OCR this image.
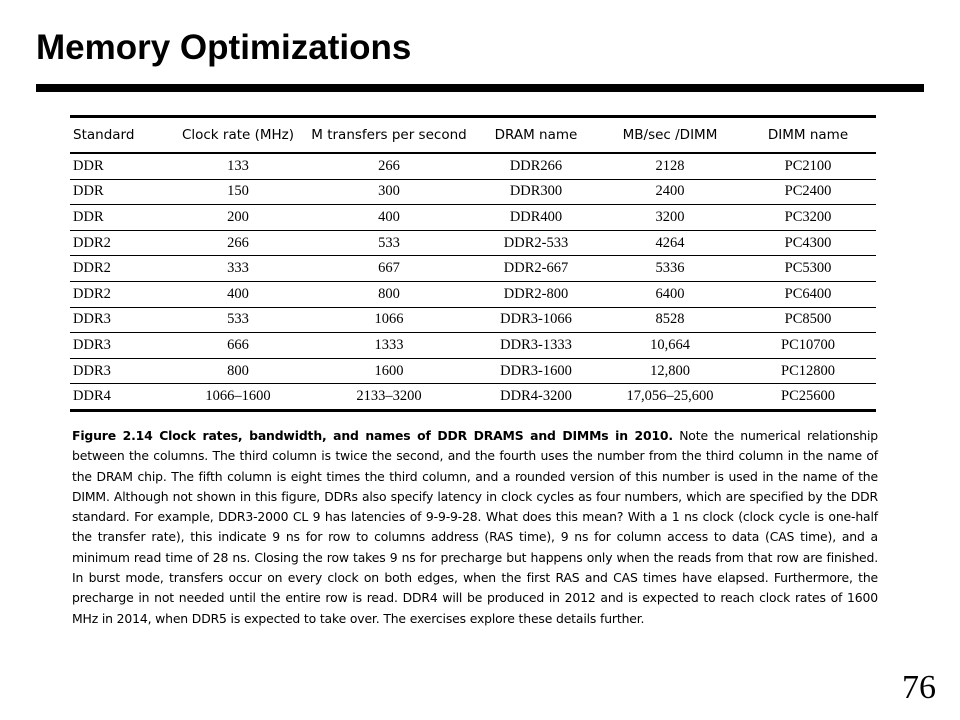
Memory Optimizations
Standard	Clock rate (MHz)	M transfers per second	DRAM name	MB/sec /DIMM	DIMM name
DDR	133	266	DDR266	2128	PC2100
DDR	150	300	DDR300	2400	PC2400
DDR	200	400	DDR400	3200	PC3200
DDR2	266	533	DDR2-533	4264	PC4300
DDR2	333	667	DDR2-667	5336	PC5300
DDR2	400	800	DDR2-800	6400	PC6400
DDR3	533	1066	DDR3-1066	8528	PC8500
DDR3	666	1333	DDR3-1333	10,664	PC10700
DDR3	800	1600	DDR3-1600	12,800	PC12800
DDR4	1066–1600	2133–3200	DDR4-3200	17,056–25,600	PC25600

Figure 2.14 Clock rates, bandwidth, and names of DDR DRAMS and DIMMs in 2010. Note the numerical relationship between the columns. The third column is twice the second, and the fourth uses the number from the third column in the name of the DRAM chip. The fifth column is eight times the third column, and a rounded version of this number is used in the name of the DIMM. Although not shown in this figure, DDRs also specify latency in clock cycles as four numbers, which are specified by the DDR standard. For example, DDR3-2000 CL 9 has latencies of 9-9-9-28. What does this mean? With a 1 ns clock (clock cycle is one-half the transfer rate), this indicate 9 ns for row to columns address (RAS time), 9 ns for column access to data (CAS time), and a minimum read time of 28 ns. Closing the row takes 9 ns for precharge but happens only when the reads from that row are finished. In burst mode, transfers occur on every clock on both edges, when the first RAS and CAS times have elapsed. Furthermore, the precharge in not needed until the entire row is read. DDR4 will be produced in 2012 and is expected to reach clock rates of 1600 MHz in 2014, when DDR5 is expected to take over. The exercises explore these details further.

76
